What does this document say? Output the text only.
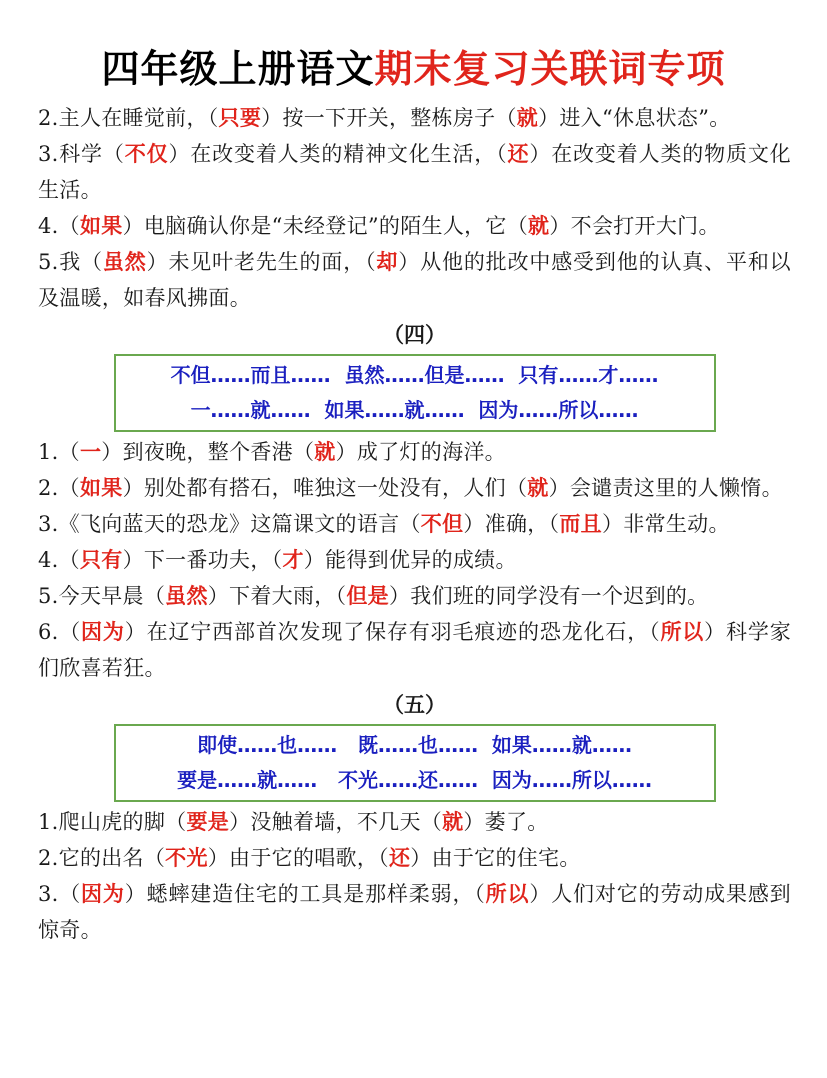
四年级上册语文期末复习关联词专项
2.主人在睡觉前，（只要）按一下开关，整栋房子（就）进入“休息状态”。
3.科学（不仅）在改变着人类的精神文化生活，（还）在改变着人类的物质文化生活。
4.（如果）电脑确认你是“未经登记”的陌生人，它（就）不会打开大门。
5.我（虽然）未见叶老先生的面，（却）从他的批改中感受到他的认真、平和以及温暖，如春风拂面。
（四）
不但……而且……  虽然……但是……  只有……才……
一……就……  如果……就……  因为……所以……
1.（一）到夜晚，整个香港（就）成了灯的海洋。
2.（如果）别处都有搭石，唯独这一处没有，人们（就）会谴责这里的人懒惰。
3.《飞向蓝天的恐龙》这篇课文的语言（不但）准确，（而且）非常生动。
4.（只有）下一番功夫，（才）能得到优异的成绩。
5.今天早晨（虽然）下着大雨，（但是）我们班的同学没有一个迟到的。
6.（因为）在辽宁西部首次发现了保存有羽毛痕迹的恐龙化石，（所以）科学家们欣喜若狂。
（五）
即使……也……   既……也……  如果……就……
要是……就……   不光……还……  因为……所以……
1.爬山虎的脚（要是）没触着墙，不几天（就）萎了。
2.它的出名（不光）由于它的唱歌，（还）由于它的住宅。
3.（因为）蟋蟀建造住宅的工具是那样柔弱，（所以）人们对它的劳动成果感到惊奇。
